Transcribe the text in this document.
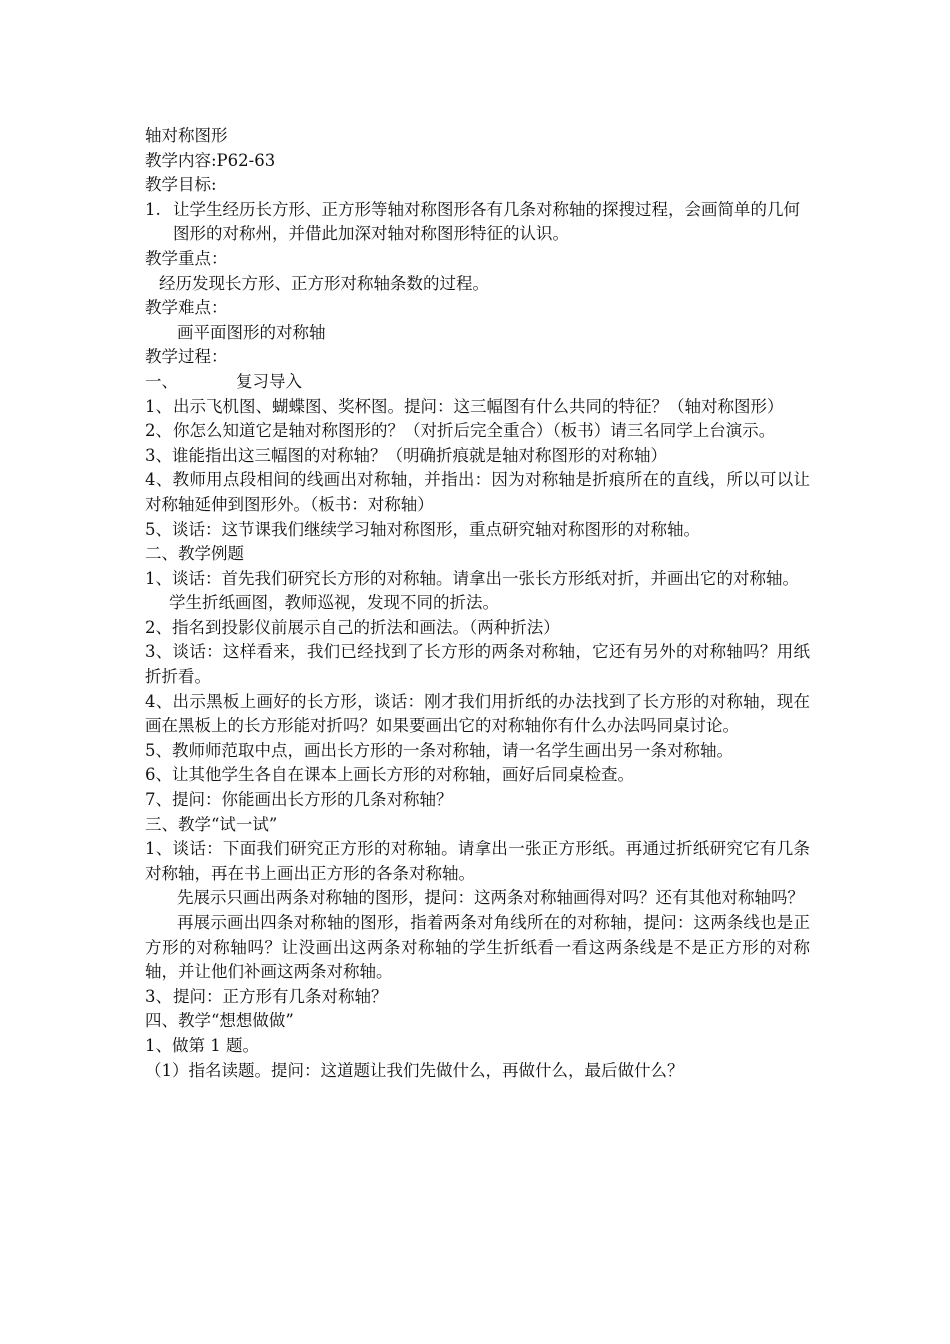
轴对称图形
教学内容:P62-63
教学目标:
1. 让学生经历长方形、正方形等轴对称图形各有几条对称轴的探搜过程，会画简单的几何图形的对称州，并借此加深对轴对称图形特征的认识。
教学重点：
经历发现长方形、正方形对称轴条数的过程。
教学难点：
画平面图形的对称轴
教学过程：
一、	复习导入
1、出示飞机图、蝴蝶图、奖杯图。提问：这三幅图有什么共同的特征？（轴对称图形）
2、你怎么知道它是轴对称图形的？（对折后完全重合）（板书）请三名同学上台演示。
3、谁能指出这三幅图的对称轴？（明确折痕就是轴对称图形的对称轴）
4、教师用点段相间的线画出对称轴，并指出：因为对称轴是折痕所在的直线，所以可以让对称轴延伸到图形外。（板书：对称轴）
5、谈话：这节课我们继续学习轴对称图形，重点研究轴对称图形的对称轴。
二、教学例题
1、谈话：首先我们研究长方形的对称轴。请拿出一张长方形纸对折，并画出它的对称轴。
学生折纸画图，教师巡视，发现不同的折法。
2、指名到投影仪前展示自己的折法和画法。（两种折法）
3、谈话：这样看来，我们已经找到了长方形的两条对称轴，它还有另外的对称轴吗？用纸折折看。
4、出示黑板上画好的长方形，谈话：刚才我们用折纸的办法找到了长方形的对称轴，现在画在黑板上的长方形能对折吗？如果要画出它的对称轴你有什么办法吗同桌讨论。
5、教师师范取中点，画出长方形的一条对称轴，请一名学生画出另一条对称轴。
6、让其他学生各自在课本上画长方形的对称轴，画好后同桌检查。
7、提问：你能画出长方形的几条对称轴？
三、教学“试一试”
1、谈话：下面我们研究正方形的对称轴。请拿出一张正方形纸。再通过折纸研究它有几条对称轴，再在书上画出正方形的各条对称轴。
先展示只画出两条对称轴的图形，提问：这两条对称轴画得对吗？还有其他对称轴吗？
再展示画出四条对称轴的图形，指着两条对角线所在的对称轴，提问：这两条线也是正方形的对称轴吗？让没画出这两条对称轴的学生折纸看一看这两条线是不是正方形的对称轴，并让他们补画这两条对称轴。
3、提问：正方形有几条对称轴？
四、教学“想想做做”
1、做第 1 题。
（1）指名读题。提问：这道题让我们先做什么，再做什么，最后做什么？
